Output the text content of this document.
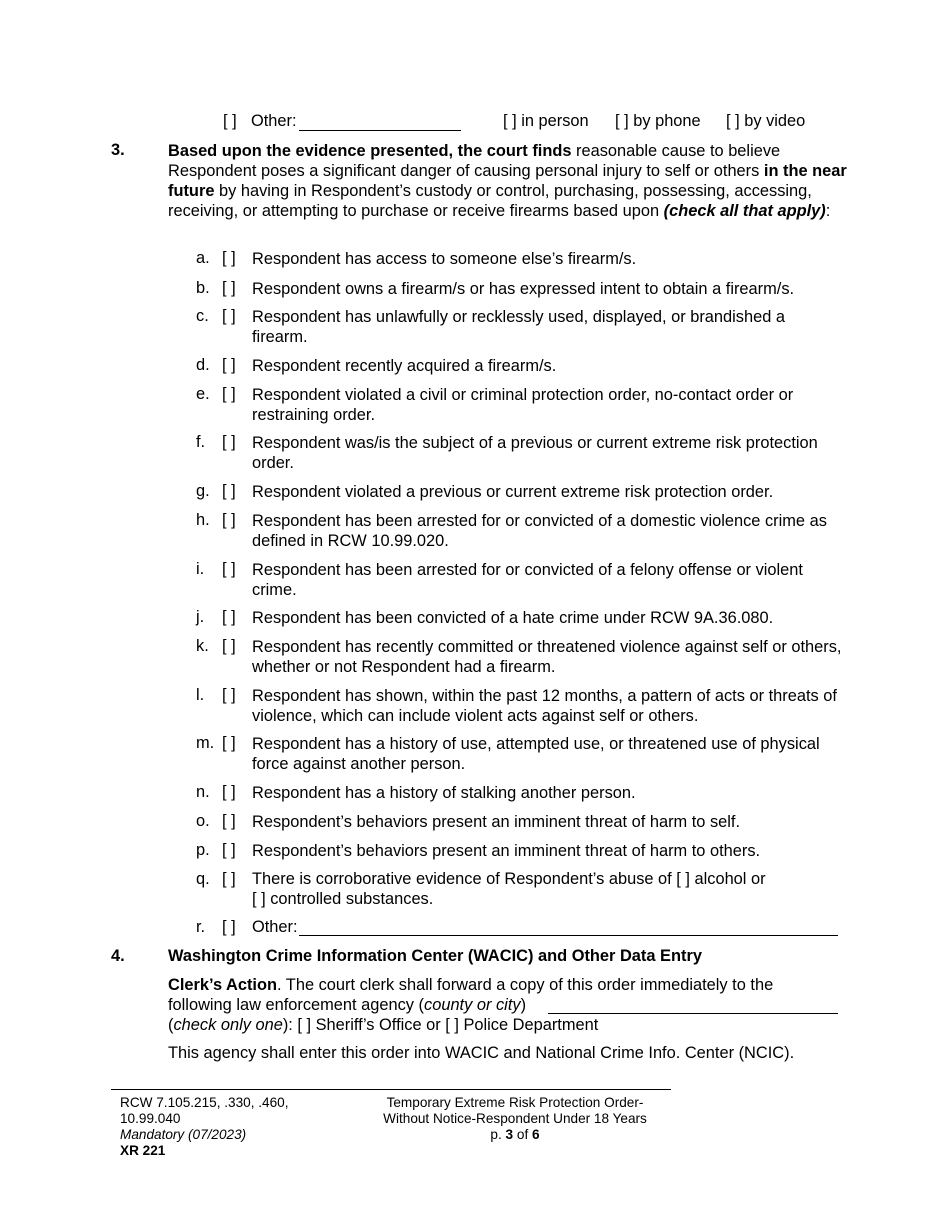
[ ] Other:	[ ] in person [ ] by phone [ ] by video
3.	Based upon the evidence presented, the court finds reasonable cause to believe Respondent poses a significant danger of causing personal injury to self or others in the near future by having in Respondent’s custody or control, purchasing, possessing, accessing, receiving, or attempting to purchase or receive firearms based upon (check all that apply):
a. [ ] Respondent has access to someone else’s firearm/s.
b. [ ] Respondent owns a firearm/s or has expressed intent to obtain a firearm/s.
c. [ ] Respondent has unlawfully or recklessly used, displayed, or brandished a firearm.
d. [ ] Respondent recently acquired a firearm/s.
e. [ ] Respondent violated a civil or criminal protection order, no-contact order or restraining order.
f. [ ] Respondent was/is the subject of a previous or current extreme risk protection order.
g. [ ] Respondent violated a previous or current extreme risk protection order.
h. [ ] Respondent has been arrested for or convicted of a domestic violence crime as defined in RCW 10.99.020.
i. [ ] Respondent has been arrested for or convicted of a felony offense or violent crime.
j. [ ] Respondent has been convicted of a hate crime under RCW 9A.36.080.
k. [ ] Respondent has recently committed or threatened violence against self or others, whether or not Respondent had a firearm.
l. [ ] Respondent has shown, within the past 12 months, a pattern of acts or threats of violence, which can include violent acts against self or others.
m. [ ] Respondent has a history of use, attempted use, or threatened use of physical force against another person.
n. [ ] Respondent has a history of stalking another person.
o. [ ] Respondent’s behaviors present an imminent threat of harm to self.
p. [ ] Respondent’s behaviors present an imminent threat of harm to others.
q. [ ] There is corroborative evidence of Respondent’s abuse of [ ] alcohol or
[ ] controlled substances.
r. [ ] Other:
4.	Washington Crime Information Center (WACIC) and Other Data Entry
Clerk’s Action. The court clerk shall forward a copy of this order immediately to the
following law enforcement agency (county or city)
(check only one): [ ] Sheriff’s Office or [ ] Police Department
This agency shall enter this order into WACIC and National Crime Info. Center (NCIC).
RCW 7.105.215, .330, .460,
10.99.040
Mandatory (07/2023)
XR 221
Temporary Extreme Risk Protection Order-
Without Notice-Respondent Under 18 Years
p. 3 of 6
